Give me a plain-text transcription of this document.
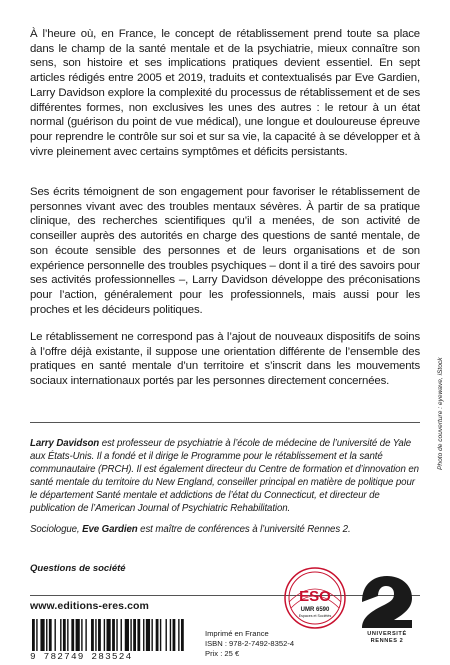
À l’heure où, en France, le concept de rétablissement prend toute sa place dans le champ de la santé mentale et de la psychiatrie, mieux connaître son sens, son histoire et ses implications pratiques devient essentiel. En sept articles rédigés entre 2005 et 2019, traduits et contextualisés par Eve Gardien, Larry Davidson explore la complexité du processus de rétablissement et de ses différentes formes, non exclusives les unes des autres : le retour à un état normal (guérison du point de vue médical), une longue et douloureuse épreuve pour reprendre le contrôle sur soi et sur sa vie, la capacité à se développer et à vivre pleinement avec certains symptômes et déficits persistants.

Ses écrits témoignent de son engagement pour favoriser le rétablissement de personnes vivant avec des troubles mentaux sévères. À partir de sa pratique clinique, des recherches scientifiques qu’il a menées, de son activité de conseiller auprès des autorités en charge des questions de santé mentale, de son écoute sensible des personnes et de leurs organisations et de son expérience personnelle des troubles psychiques – dont il a tiré des savoirs pour ses activités professionnelles –, Larry Davidson développe des préconisations pour l’action, généralement pour les professionnels, mais aussi pour les proches et les décideurs politiques.

Le rétablissement ne correspond pas à l’ajout de nouveaux dispositifs de soins à l’offre déjà existante, il suppose une orientation différente de l’ensemble des pratiques en santé mentale d’un territoire et s’inscrit dans les mouvements sociaux internationaux portés par les personnes directement concernées.

Larry Davidson est professeur de psychiatrie à l’école de médecine de l’université de Yale aux États-Unis. Il a fondé et il dirige le Programme pour le rétablissement et la santé communautaire (PRCH). Il est également directeur du Centre de formation et d’innovation en santé mentale du territoire du New England, conseiller principal en matière de politique pour le département Santé mentale et addictions de l’état du Connecticut, et directeur de publication de l’American Journal of Psychiatric Rehabilitation.

Sociologue, Eve Gardien est maître de conférences à l’université Rennes 2.

Questions de société
www.editions-eres.com
9 782749 283524
Imprimé en France
ISBN : 978-2-7492-8352-4
Prix : 25 €
ESO
UMR 6590
Espaces et Sociétés
UNIVERSITÉ
RENNES 2
Photo de couverture : eyewave, iStock
